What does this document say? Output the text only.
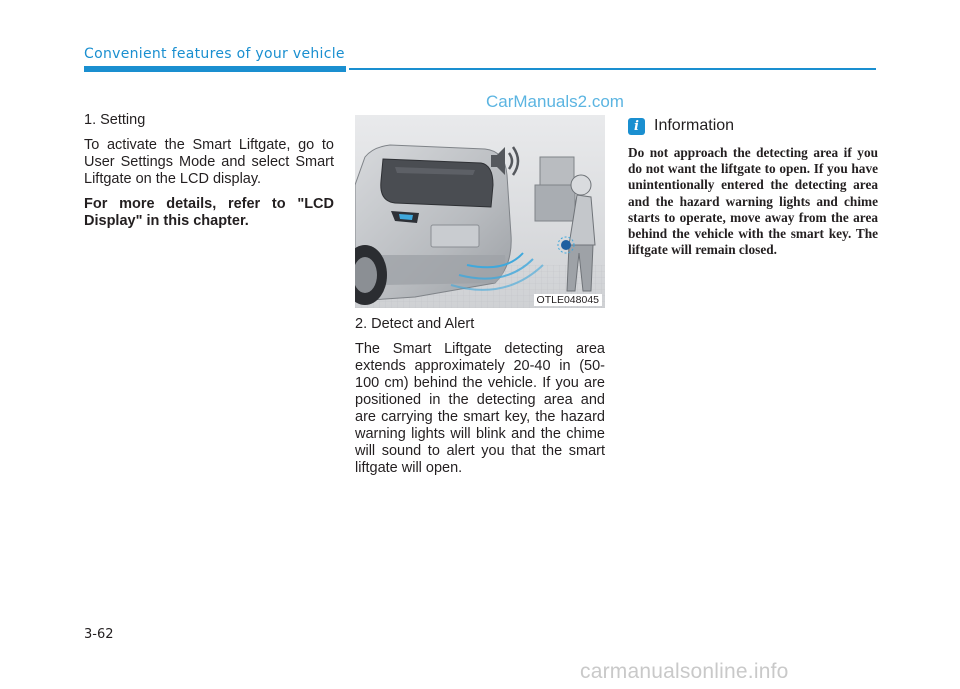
Convenient features of your vehicle
CarManuals2.com

1. Setting

To activate the Smart Liftgate, go to User Settings Mode and select Smart Liftgate on the LCD display.

For more details, refer to "LCD Display" in this chapter.

OTLE048045

2. Detect and Alert

The Smart Liftgate detecting area extends approximately 20-40 in (50-100 cm) behind the vehicle. If you are positioned in the detecting area and are carrying the smart key, the hazard warning lights will blink and the chime will sound to alert you that the smart liftgate will open.

i Information

Do not approach the detecting area if you do not want the liftgate to open. If you have unintentionally entered the detecting area and the hazard warning lights and chime starts to operate, move away from the area behind the vehicle with the smart key. The liftgate will remain closed.

3-62
carmanualsonline.info
